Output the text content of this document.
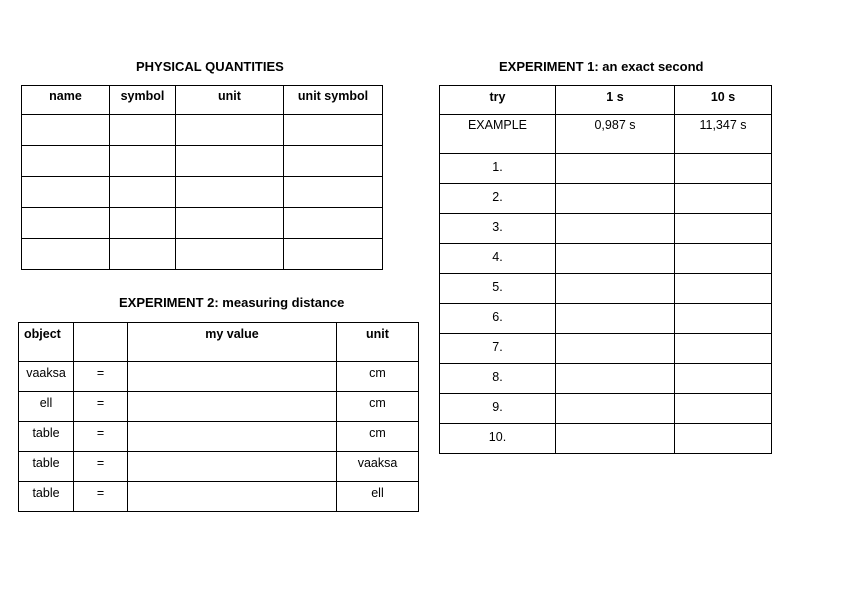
PHYSICAL QUANTITIES
name	symbol	unit	unit symbol

EXPERIMENT 2: measuring distance
object		my value	unit
vaaksa	=		cm
ell	=		cm
table	=		cm
table	=		vaaksa
table	=		ell
EXPERIMENT 1: an exact second
try	1 s	10 s
EXAMPLE	0,987 s	11,347 s
1.		
2.		
3.		
4.		
5.		
6.		
7.		
8.		
9.		
10.		
